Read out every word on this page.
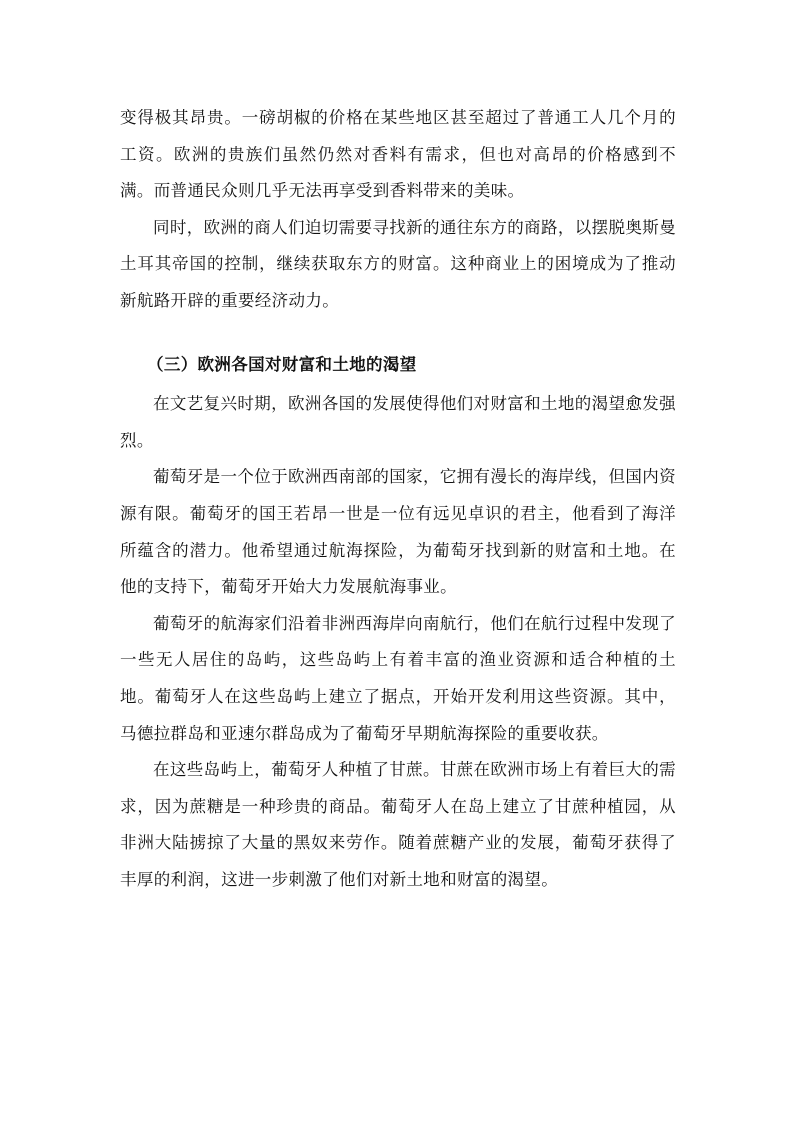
变得极其昂贵。一磅胡椒的价格在某些地区甚至超过了普通工人几个月的工资。欧洲的贵族们虽然仍然对香料有需求，但也对高昂的价格感到不满。而普通民众则几乎无法再享受到香料带来的美味。

同时，欧洲的商人们迫切需要寻找新的通往东方的商路，以摆脱奥斯曼土耳其帝国的控制，继续获取东方的财富。这种商业上的困境成为了推动新航路开辟的重要经济动力。

（三）欧洲各国对财富和土地的渴望

在文艺复兴时期，欧洲各国的发展使得他们对财富和土地的渴望愈发强烈。

葡萄牙是一个位于欧洲西南部的国家，它拥有漫长的海岸线，但国内资源有限。葡萄牙的国王若昂一世是一位有远见卓识的君主，他看到了海洋所蕴含的潜力。他希望通过航海探险，为葡萄牙找到新的财富和土地。在他的支持下，葡萄牙开始大力发展航海事业。

葡萄牙的航海家们沿着非洲西海岸向南航行，他们在航行过程中发现了一些无人居住的岛屿，这些岛屿上有着丰富的渔业资源和适合种植的土地。葡萄牙人在这些岛屿上建立了据点，开始开发利用这些资源。其中，马德拉群岛和亚速尔群岛成为了葡萄牙早期航海探险的重要收获。

在这些岛屿上，葡萄牙人种植了甘蔗。甘蔗在欧洲市场上有着巨大的需求，因为蔗糖是一种珍贵的商品。葡萄牙人在岛上建立了甘蔗种植园，从非洲大陆掳掠了大量的黑奴来劳作。随着蔗糖产业的发展，葡萄牙获得了丰厚的利润，这进一步刺激了他们对新土地和财富的渴望。
